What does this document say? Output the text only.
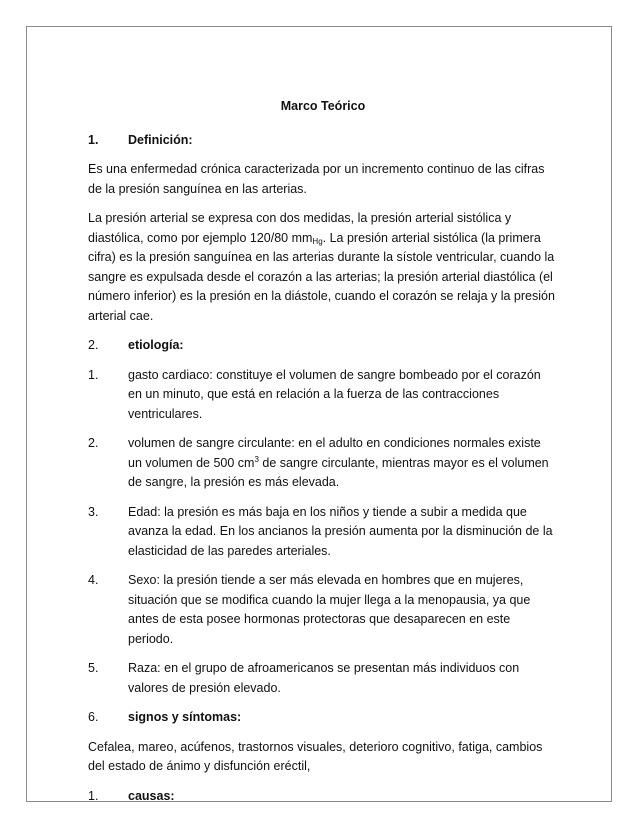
Marco Teórico
1.	Definición:

Es una enfermedad crónica caracterizada por un incremento continuo de las cifras de la presión sanguínea en las arterias.

La presión arterial se expresa con dos medidas, la presión arterial sistólica y diastólica, como por ejemplo 120/80 $mm_{Hg}$. La presión arterial sistólica (la primera cifra) es la presión sanguínea en las arterias durante la sístole ventricular, cuando la sangre es expulsada desde el corazón a las arterias; la presión arterial diastólica (el número inferior) es la presión en la diástole, cuando el corazón se relaja y la presión arterial cae.

2.	etiología:
1.	gasto cardiaco: constituye el volumen de sangre bombeado por el corazón en un minuto, que está en relación a la fuerza de las contracciones ventriculares.
2.	volumen de sangre circulante: en el adulto en condiciones normales existe un volumen de 500 $cm^3$ de sangre circulante, mientras mayor es el volumen de sangre, la presión es más elevada.
3.	Edad: la presión es más baja en los niños y tiende a subir a medida que avanza la edad. En los ancianos la presión aumenta por la disminución de la elasticidad de las paredes arteriales.
4.	Sexo: la presión tiende a ser más elevada en hombres que en mujeres, situación que se modifica cuando la mujer llega a la menopausia, ya que antes de esta posee hormonas protectoras que desaparecen en este periodo.
5.	Raza: en el grupo de afroamericanos se presentan más individuos con valores de presión elevado.
6.	signos y síntomas:

Cefalea, mareo, acúfenos, trastornos visuales, deterioro cognitivo, fatiga, cambios del estado de ánimo y disfunción eréctil,

1.	causas:
